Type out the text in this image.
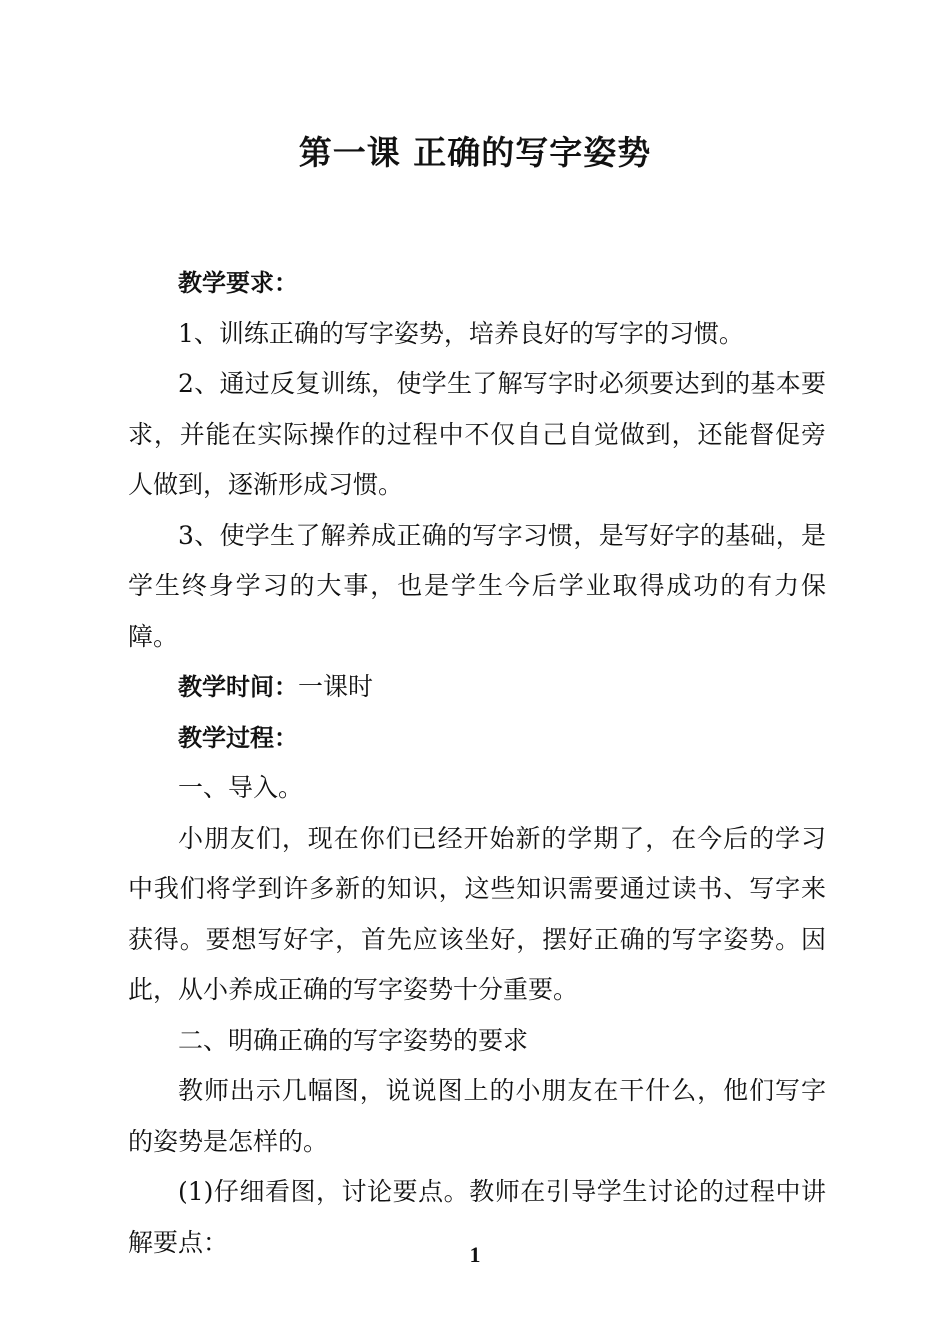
第一课 正确的写字姿势

教学要求：

1、训练正确的写字姿势，培养良好的写字的习惯。

2、通过反复训练，使学生了解写字时必须要达到的基本要求，并能在实际操作的过程中不仅自己自觉做到，还能督促旁人做到，逐渐形成习惯。

3、使学生了解养成正确的写字习惯，是写好字的基础，是学生终身学习的大事，也是学生今后学业取得成功的有力保障。

教学时间：一课时

教学过程：

一、导入。

小朋友们，现在你们已经开始新的学期了，在今后的学习中我们将学到许多新的知识，这些知识需要通过读书、写字来获得。要想写好字，首先应该坐好，摆好正确的写字姿势。因此，从小养成正确的写字姿势十分重要。

二、明确正确的写字姿势的要求

教师出示几幅图，说说图上的小朋友在干什么，他们写字的姿势是怎样的。

(1)仔细看图，讨论要点。教师在引导学生讨论的过程中讲解要点：	1
